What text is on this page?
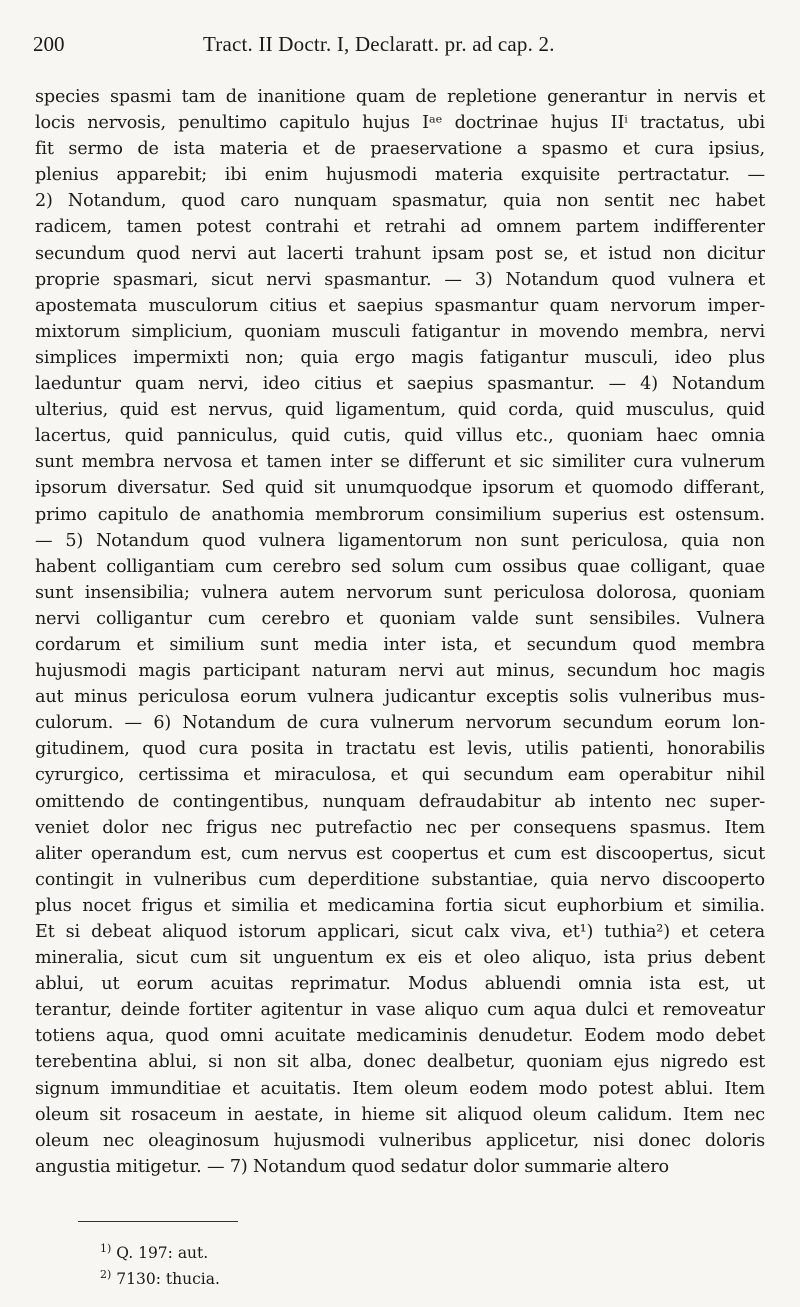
200	Tract. II Doctr. I, Declaratt. pr. ad cap. 2.
species spasmi tam de inanitione quam de repletione generantur in nervis et
locis nervosis, penultimo capitulo hujus Iᵃᵉ doctrinae hujus IIⁱ tractatus, ubi
fit sermo de ista materia et de praeservatione a spasmo et cura ipsius,
plenius apparebit; ibi enim hujusmodi materia exquisite pertractatur. —
2) Notandum, quod caro nunquam spasmatur, quia non sentit nec habet
radicem, tamen potest contrahi et retrahi ad omnem partem indifferenter
secundum quod nervi aut lacerti trahunt ipsam post se, et istud non dicitur
proprie spasmari, sicut nervi spasmantur. — 3) Notandum quod vulnera et
apostemata musculorum citius et saepius spasmantur quam nervorum imper-
mixtorum simplicium, quoniam musculi fatigantur in movendo membra, nervi
simplices impermixti non; quia ergo magis fatigantur musculi, ideo plus
laeduntur quam nervi, ideo citius et saepius spasmantur. — 4) Notandum
ulterius, quid est nervus, quid ligamentum, quid corda, quid musculus, quid
lacertus, quid panniculus, quid cutis, quid villus etc., quoniam haec omnia
sunt membra nervosa et tamen inter se differunt et sic similiter cura vulnerum
ipsorum diversatur. Sed quid sit unumquodque ipsorum et quomodo differant,
primo capitulo de anathomia membrorum consimilium superius est ostensum.
— 5) Notandum quod vulnera ligamentorum non sunt periculosa, quia non
habent colligantiam cum cerebro sed solum cum ossibus quae colligant, quae
sunt insensibilia; vulnera autem nervorum sunt periculosa dolorosa, quoniam
nervi colligantur cum cerebro et quoniam valde sunt sensibiles. Vulnera
cordarum et similium sunt media inter ista, et secundum quod membra
hujusmodi magis participant naturam nervi aut minus, secundum hoc magis
aut minus periculosa eorum vulnera judicantur exceptis solis vulneribus mus-
culorum. — 6) Notandum de cura vulnerum nervorum secundum eorum lon-
gitudinem, quod cura posita in tractatu est levis, utilis patienti, honorabilis
cyrurgico, certissima et miraculosa, et qui secundum eam operabitur nihil
omittendo de contingentibus, nunquam defraudabitur ab intento nec super-
veniet dolor nec frigus nec putrefactio nec per consequens spasmus. Item
aliter operandum est, cum nervus est coopertus et cum est discoopertus, sicut
contingit in vulneribus cum deperditione substantiae, quia nervo discooperto
plus nocet frigus et similia et medicamina fortia sicut euphorbium et similia.
Et si debeat aliquod istorum applicari, sicut calx viva, et¹) tuthia²) et cetera
mineralia, sicut cum sit unguentum ex eis et oleo aliquo, ista prius debent
ablui, ut eorum acuitas reprimatur. Modus abluendi omnia ista est, ut
terantur, deinde fortiter agitentur in vase aliquo cum aqua dulci et removeatur
totiens aqua, quod omni acuitate medicaminis denudetur. Eodem modo debet
terebentina ablui, si non sit alba, donec dealbetur, quoniam ejus nigredo est
signum immunditiae et acuitatis. Item oleum eodem modo potest ablui. Item
oleum sit rosaceum in aestate, in hieme sit aliquod oleum calidum. Item nec
oleum nec oleaginosum hujusmodi vulneribus applicetur, nisi donec doloris
angustia mitigetur. — 7) Notandum quod sedatur dolor summarie altero
$^{1)}$ Q. 197: aut.
$^{2)}$ 7130: thucia.
